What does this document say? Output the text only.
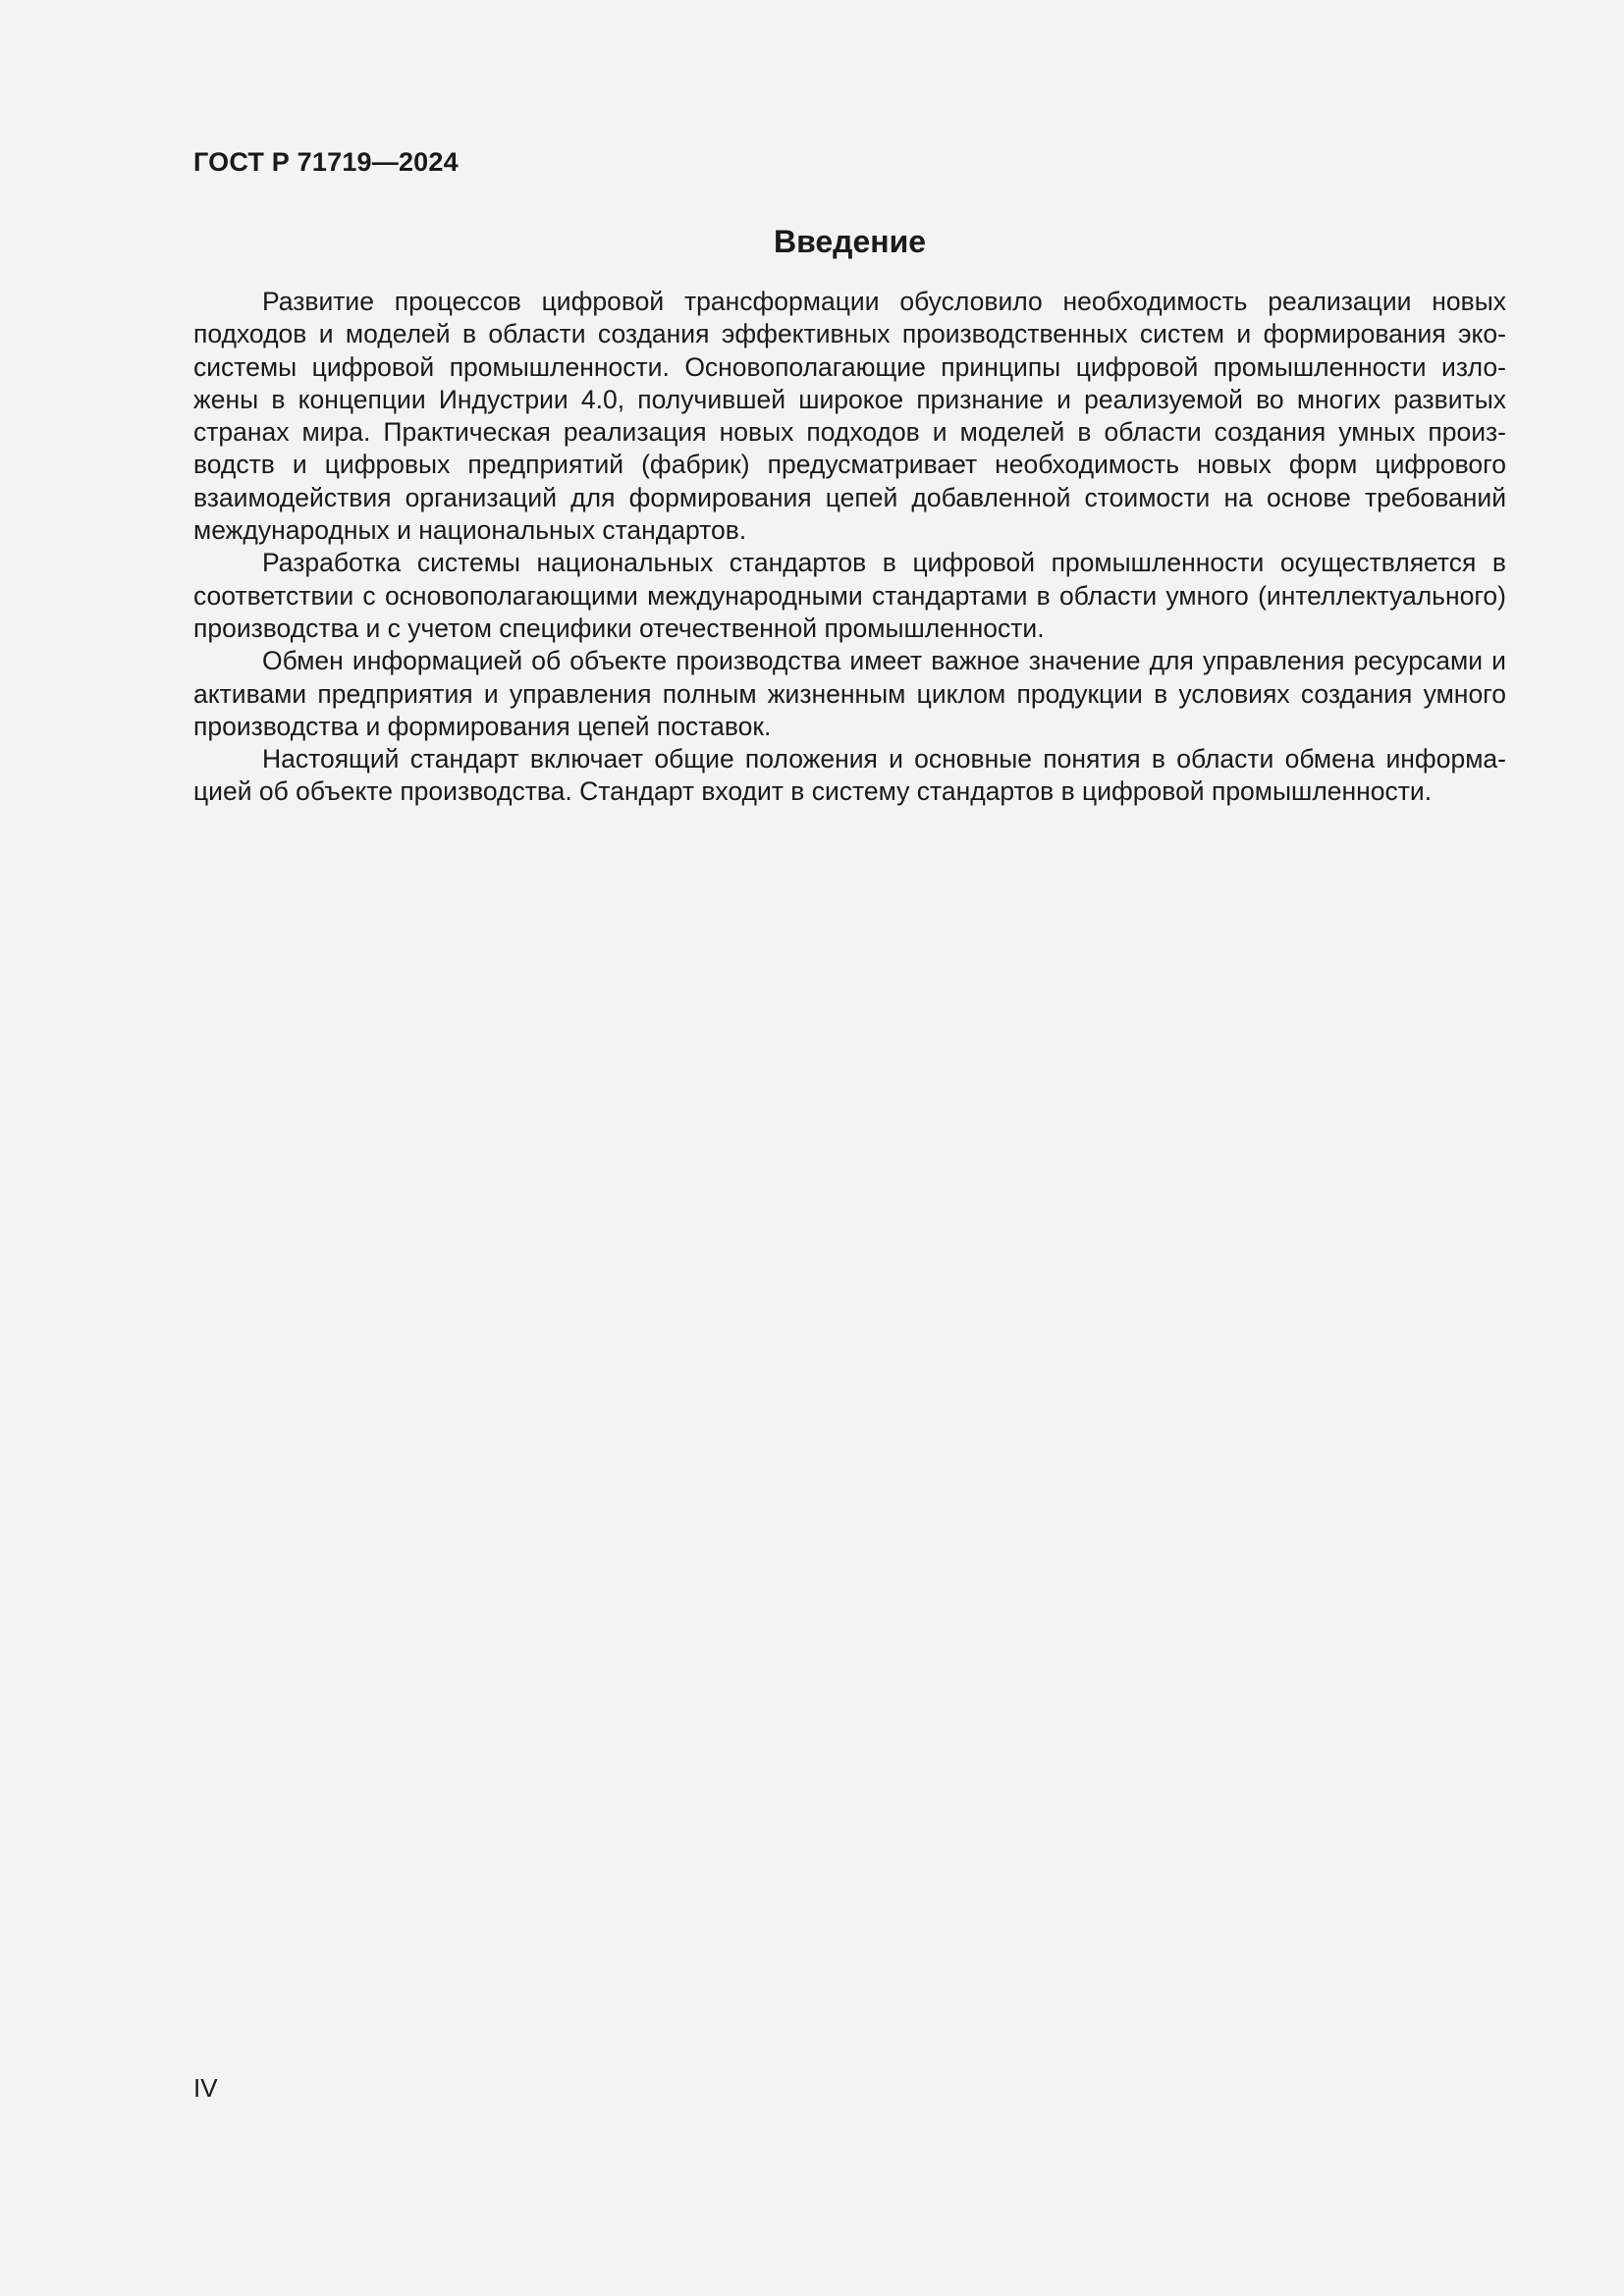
ГОСТ Р 71719—2024
Введение

Развитие процессов цифровой трансформации обусловило необходимость реализации новых подходов и моделей в области создания эффективных производственных систем и формирования экосистемы цифровой промышленности. Основополагающие принципы цифровой промышленности изложены в концепции Индустрии 4.0, получившей широкое признание и реализуемой во многих развитых странах мира. Практическая реализация новых подходов и моделей в области создания умных производств и цифровых предприятий (фабрик) предусматривает необходимость новых форм цифрового взаимодействия организаций для формирования цепей добавленной стоимости на основе требований международных и национальных стандартов.

Разработка системы национальных стандартов в цифровой промышленности осуществляется в соответствии с основополагающими международными стандартами в области умного (интеллектуального) производства и с учетом специфики отечественной промышленности.

Обмен информацией об объекте производства имеет важное значение для управления ресурсами и активами предприятия и управления полным жизненным циклом продукции в условиях создания умного производства и формирования цепей поставок.

Настоящий стандарт включает общие положения и основные понятия в области обмена информацией об объекте производства. Стандарт входит в систему стандартов в цифровой промышленности.

IV
